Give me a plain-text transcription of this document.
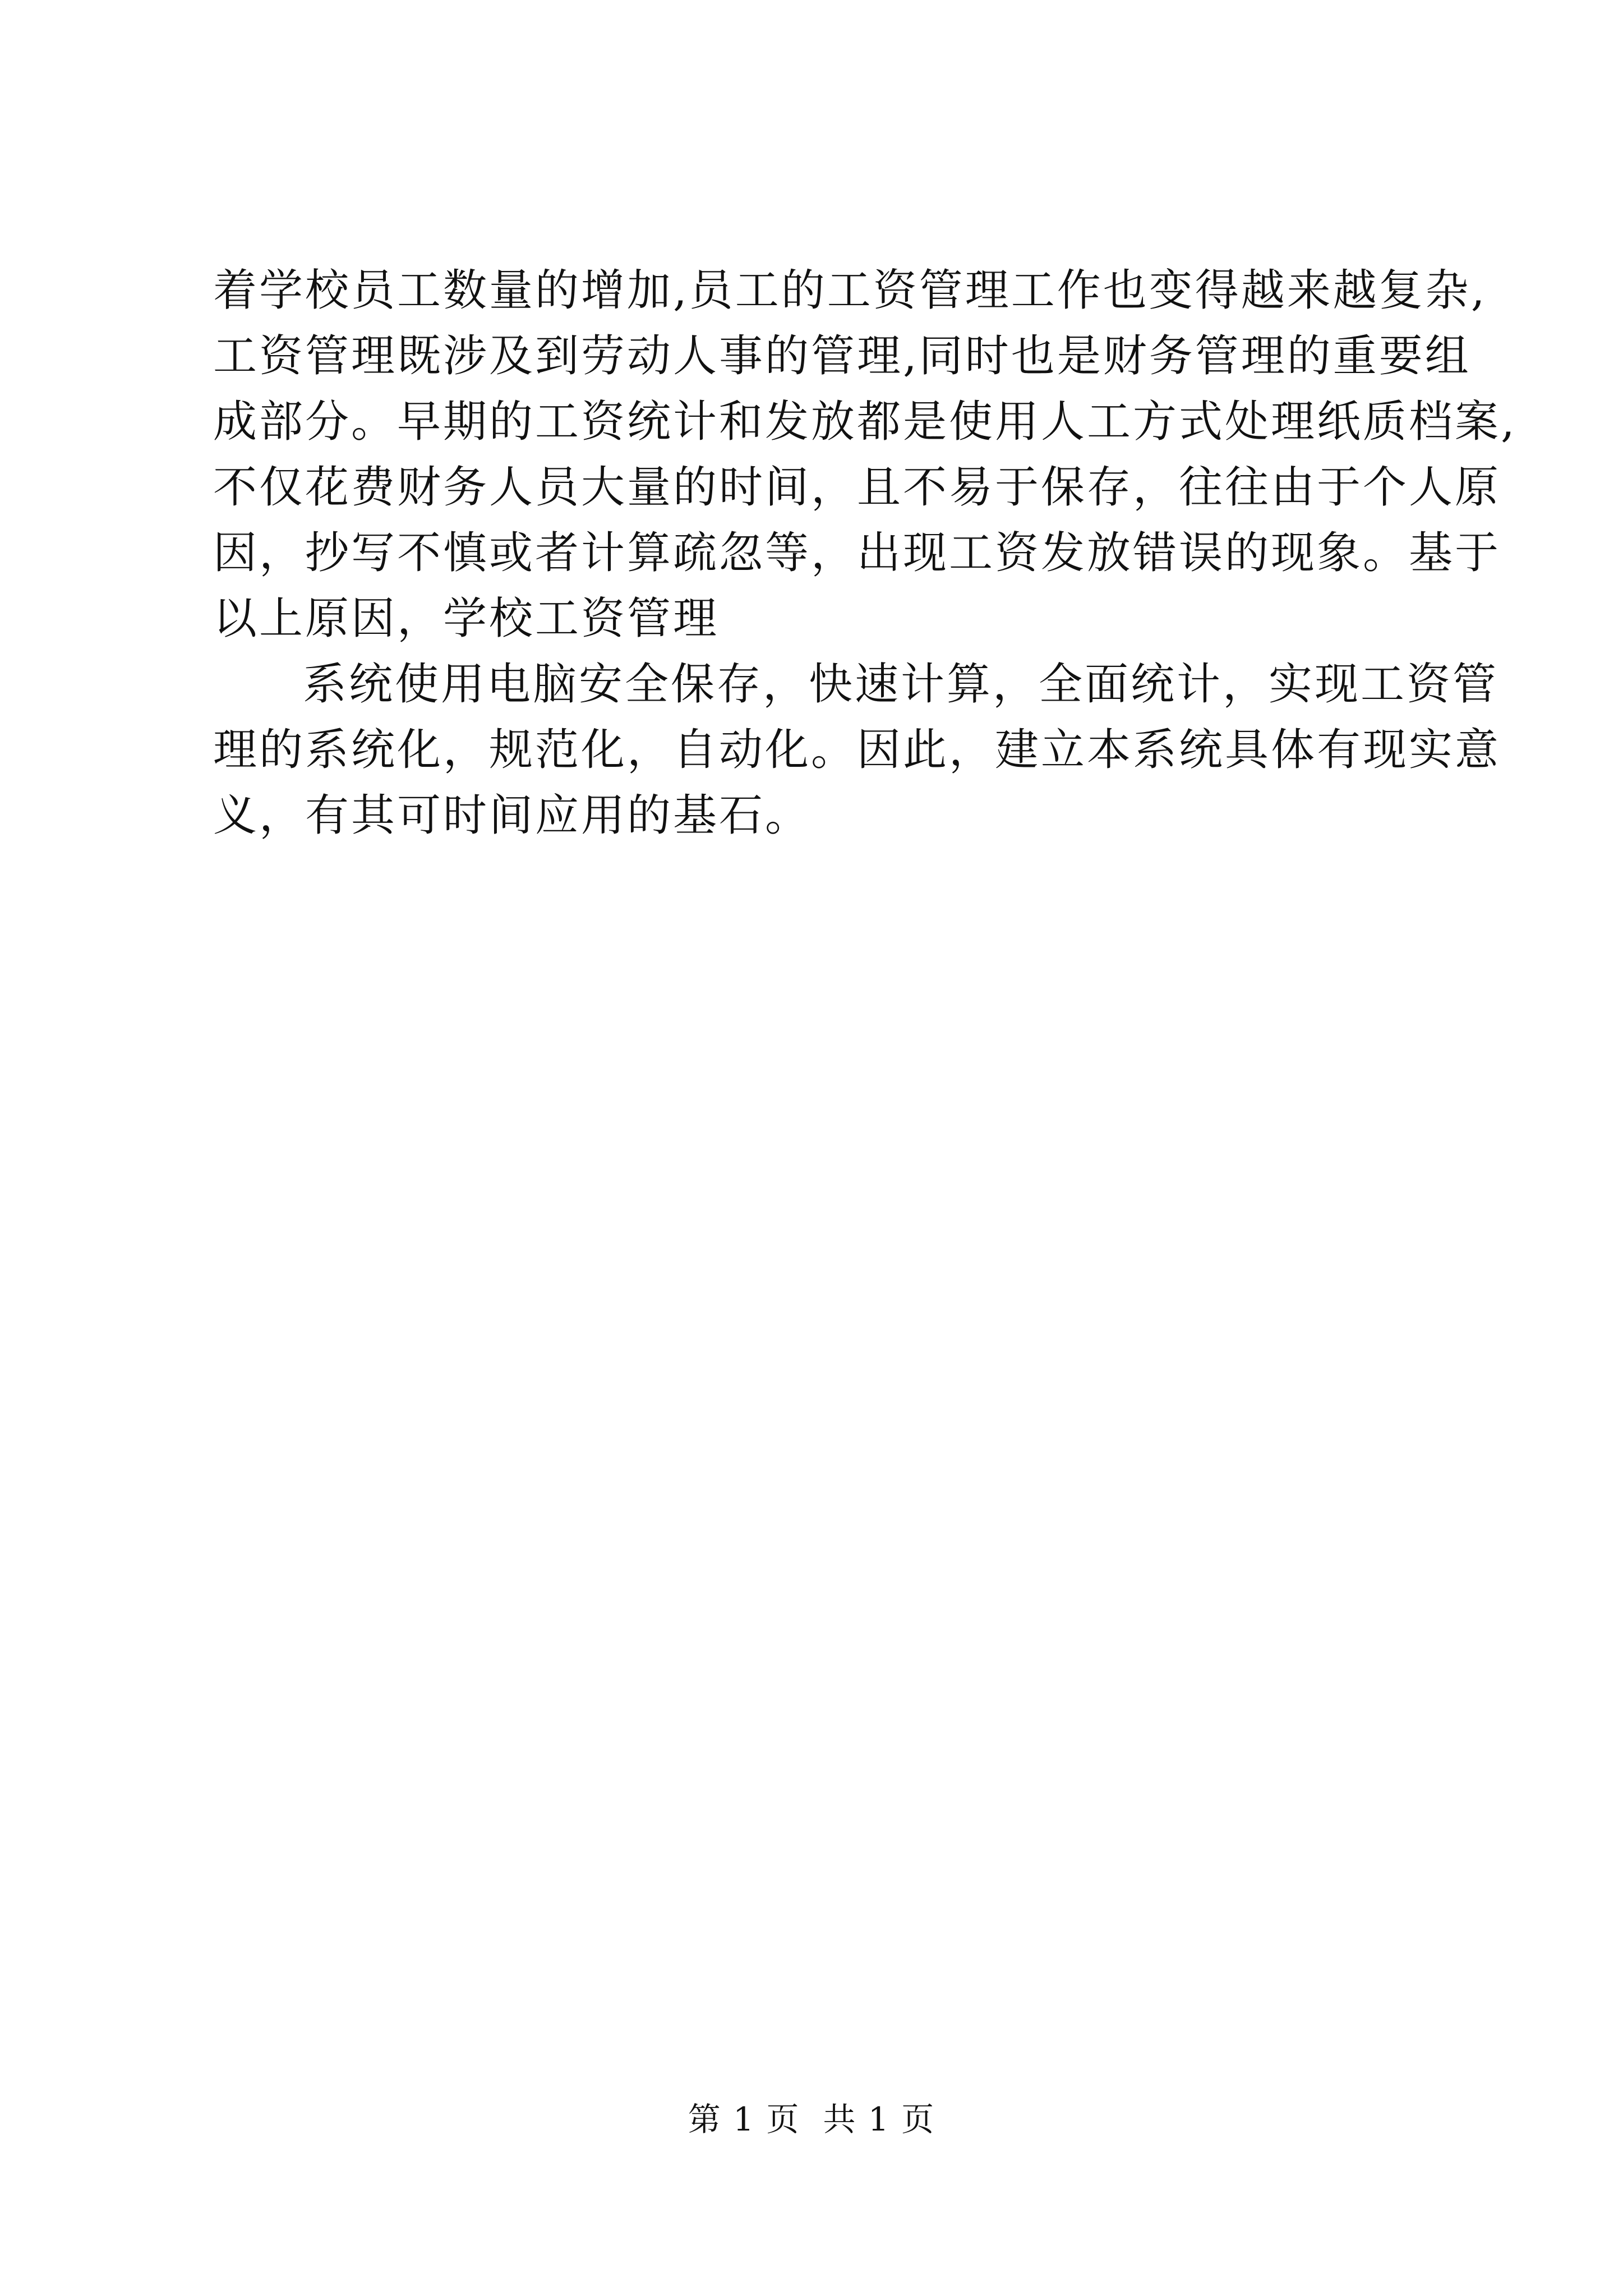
着学校员工数量的增加,员工的工资管理工作也变得越来越复杂,
工资管理既涉及到劳动人事的管理,同时也是财务管理的重要组
成部分。早期的工资统计和发放都是使用人工方式处理纸质档案,
不仅花费财务人员大量的时间，且不易于保存，往往由于个人原
因，抄写不慎或者计算疏忽等，出现工资发放错误的现象。基于
以上原因，学校工资管理
系统使用电脑安全保存，快速计算，全面统计，实现工资管
理的系统化，规范化，自动化。因此，建立本系统具体有现实意
义，有其可时间应用的基石。
第 1 页 共 1 页
